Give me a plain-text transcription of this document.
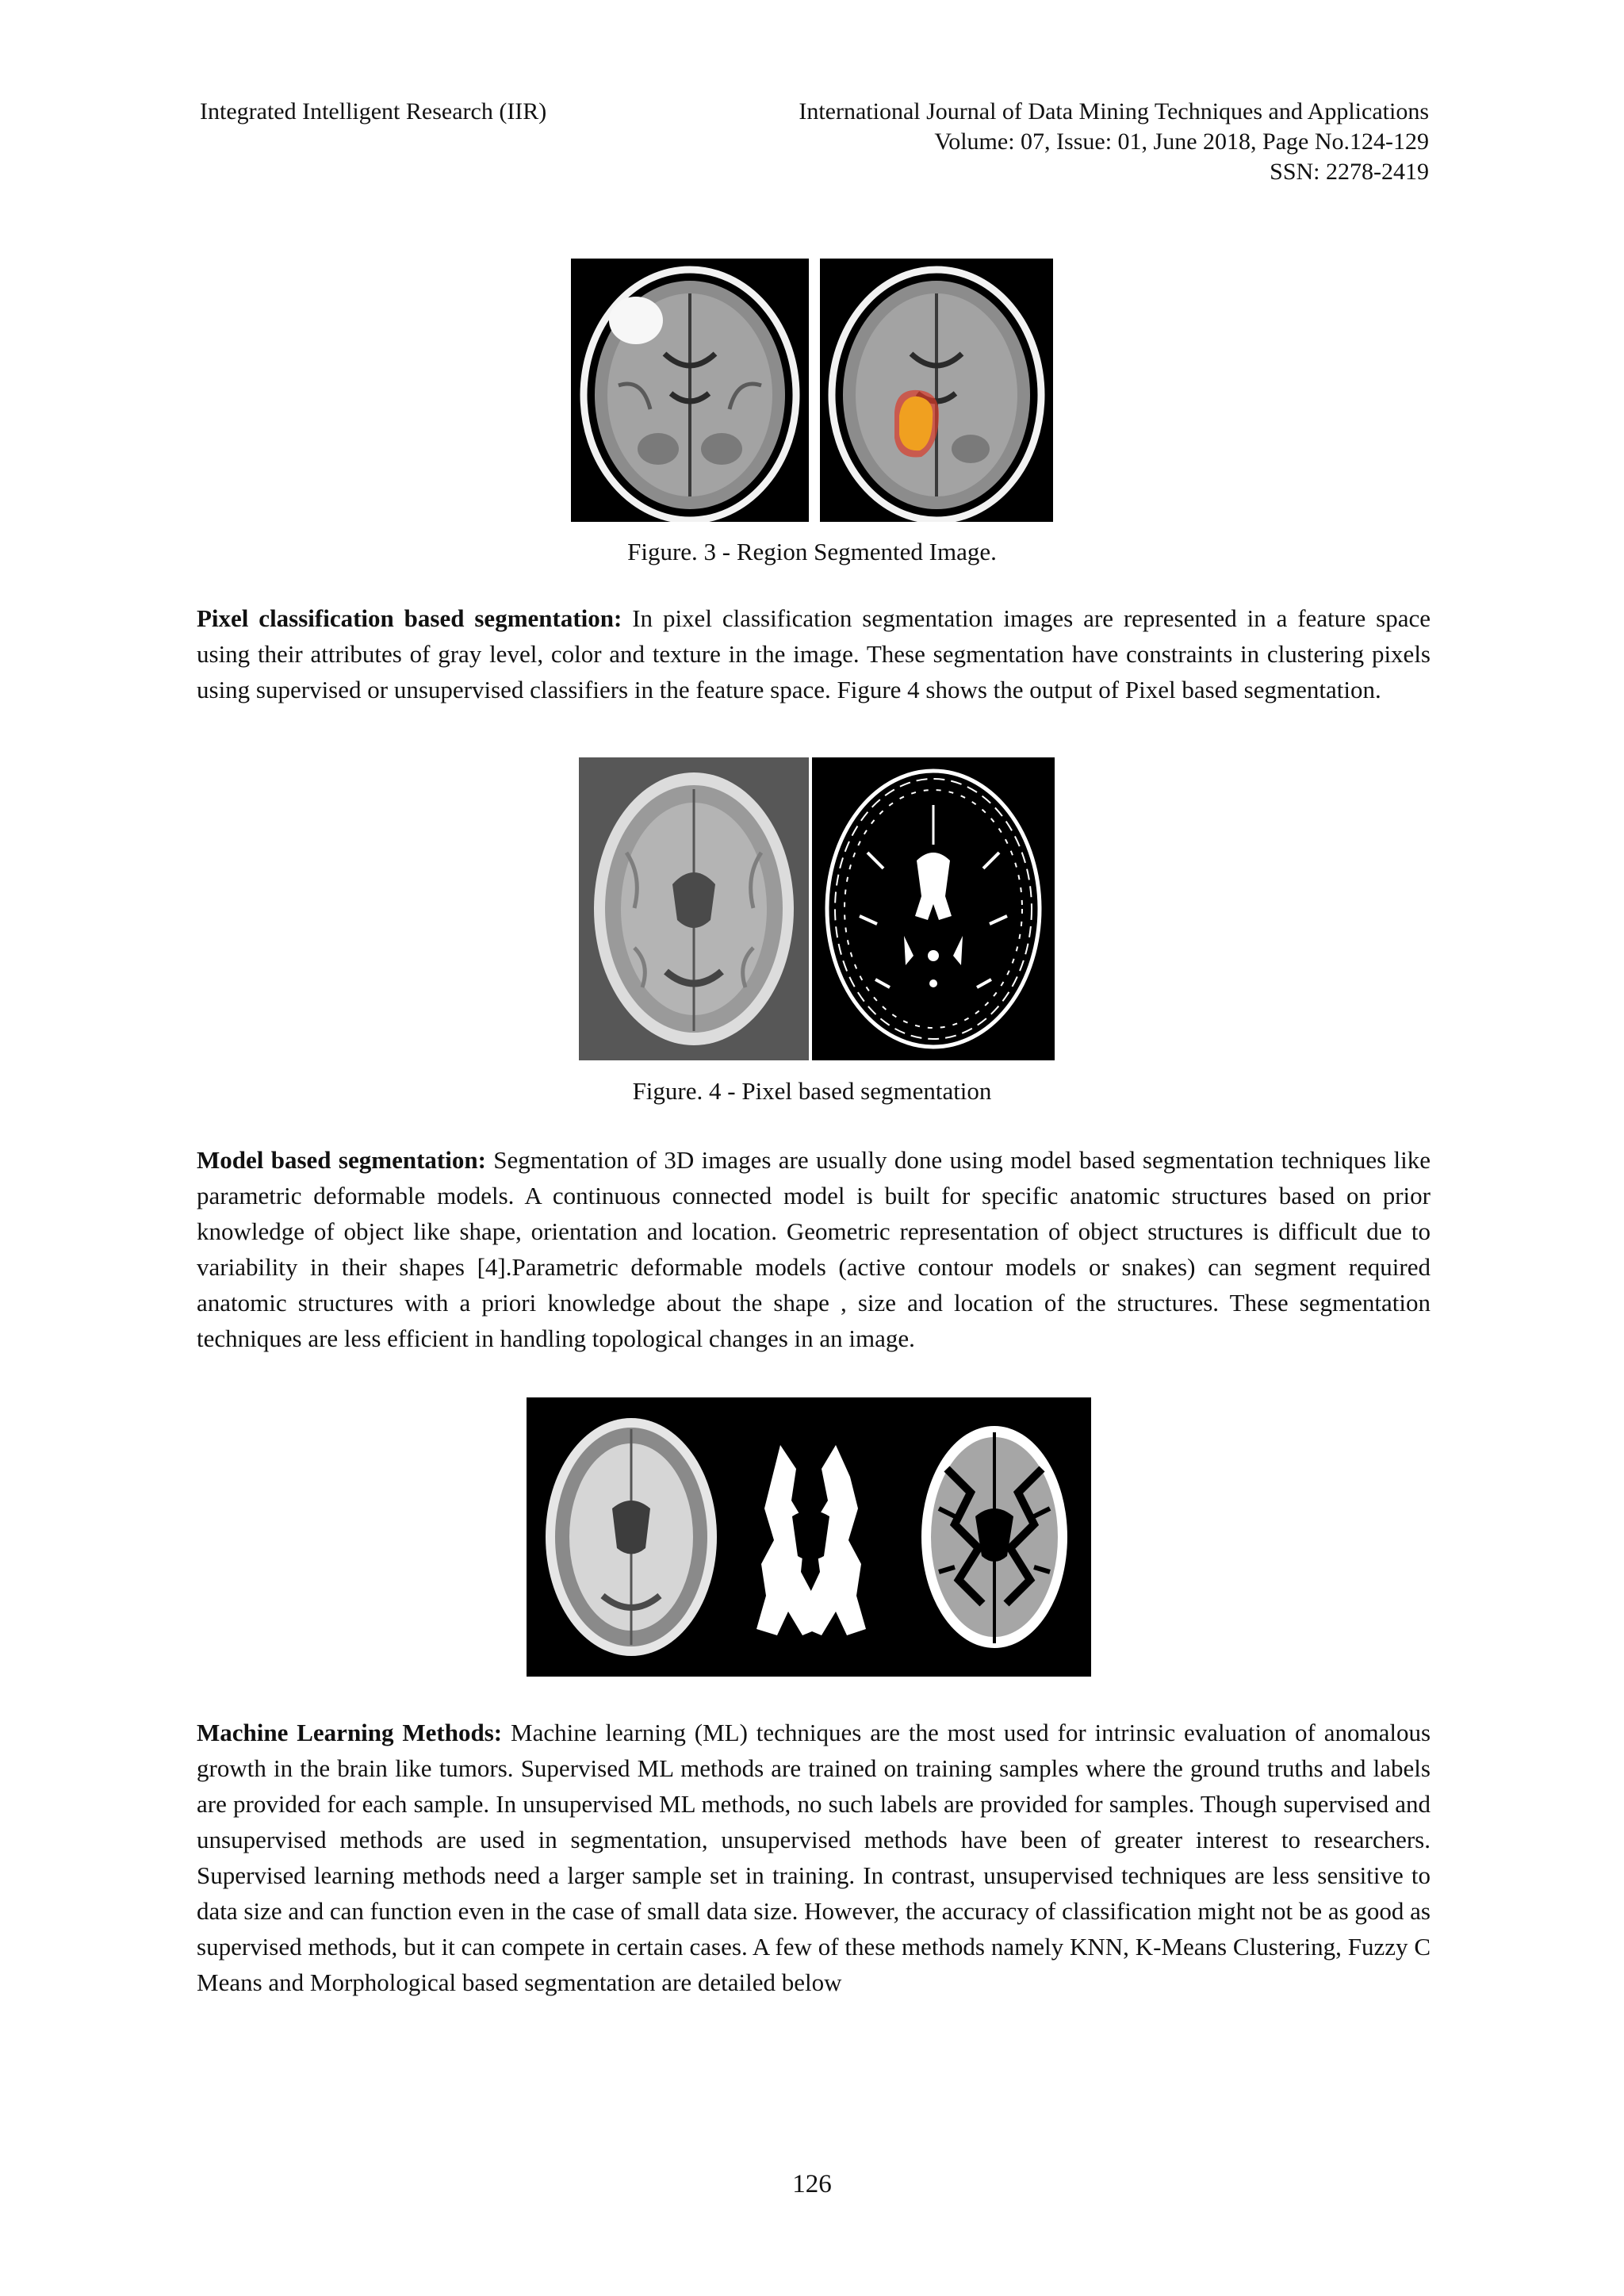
Integrated Intelligent Research (IIR)	International Journal of Data Mining Techniques and Applications
Volume: 07, Issue: 01, June 2018, Page No.124-129
SSN: 2278-2419
Figure. 3 - Region Segmented Image.
Pixel classification based segmentation: In pixel classification segmentation images are represented in a feature space using their attributes of gray level, color and texture in the image. These segmentation have constraints in clustering pixels using supervised or unsupervised classifiers in the feature space. Figure 4 shows the output of Pixel based segmentation.
Figure. 4 - Pixel based segmentation
Model based segmentation: Segmentation of 3D images are usually done using model based segmentation techniques like parametric deformable models. A continuous connected model is built for specific anatomic structures based on prior knowledge of object like shape, orientation and location. Geometric representation of object structures is difficult due to variability in their shapes [4].Parametric deformable models (active contour models or snakes) can segment required anatomic structures with a priori knowledge about the shape , size and location of the structures. These segmentation techniques are less efficient in handling topological changes in an image.
Machine Learning Methods: Machine learning (ML) techniques are the most used for intrinsic evaluation of anomalous growth in the brain like tumors. Supervised ML methods are trained on training samples where the ground truths and labels are provided for each sample. In unsupervised ML methods, no such labels are provided for samples. Though supervised and unsupervised methods are used in segmentation, unsupervised methods have been of greater interest to researchers. Supervised learning methods need a larger sample set in training. In contrast, unsupervised techniques are less sensitive to data size and can function even in the case of small data size. However, the accuracy of classification might not be as good as supervised methods, but it can compete in certain cases. A few of these methods namely KNN, K-Means Clustering, Fuzzy C Means and Morphological based segmentation are detailed below
126
